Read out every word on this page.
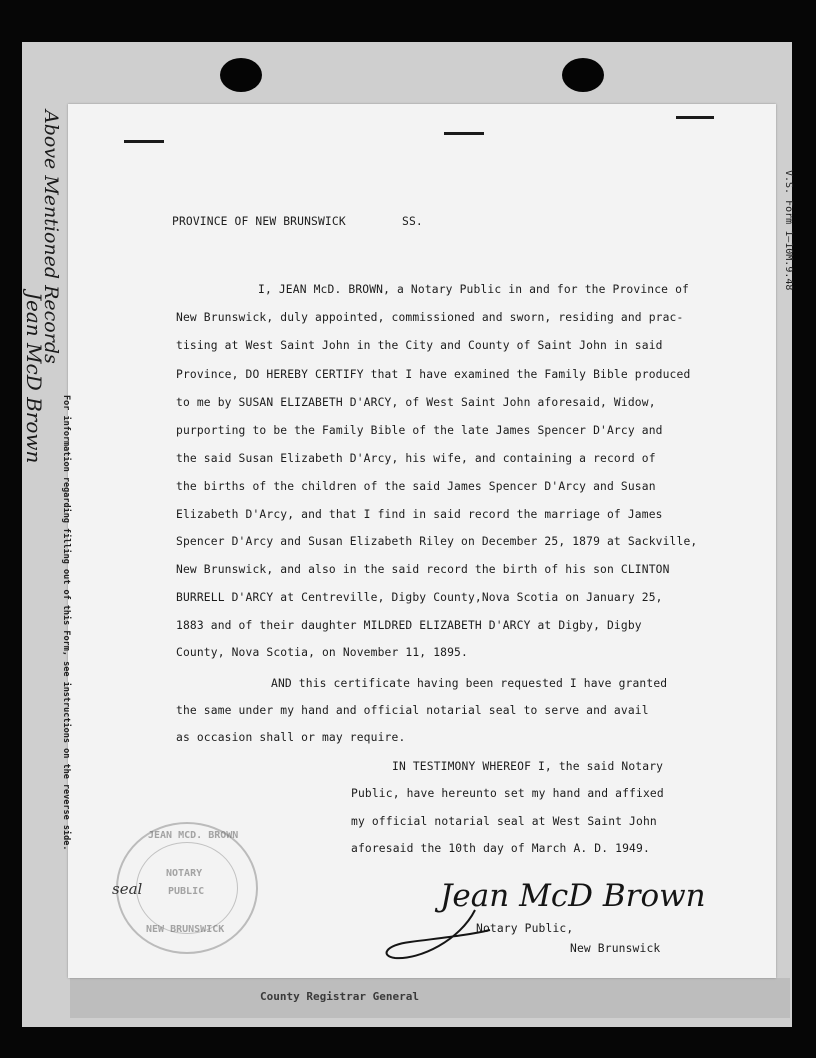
County Registrar General
Above Mentioned Records
Jean McD Brown
V.S. Form 1—10M.9.48
For information regarding filling out of this Form, see instructions on the reverse side.
PROVINCE OF NEW BRUNSWICK	SS.
I, JEAN McD. BROWN, a Notary Public in and for the Province of
New Brunswick, duly appointed, commissioned and sworn, residing and prac-
tising at West Saint John in the City and County of Saint John in said
Province, DO HEREBY CERTIFY that I have examined the Family Bible produced
to me by SUSAN ELIZABETH D'ARCY, of West Saint John aforesaid, Widow,
purporting to be the Family Bible of the late James Spencer D'Arcy and
the said Susan Elizabeth D'Arcy, his wife, and containing a record of
the births of the children of the said James Spencer D'Arcy and Susan
Elizabeth D'Arcy, and that I find in said record the marriage of James
Spencer D'Arcy and Susan Elizabeth Riley on December 25, 1879 at Sackville,
New Brunswick, and also in the said record the birth of his son CLINTON
BURRELL D'ARCY at Centreville, Digby County,Nova Scotia on January 25,
1883 and of their daughter MILDRED ELIZABETH D'ARCY at Digby, Digby
County, Nova Scotia, on November 11, 1895.
AND this certificate having been requested I have granted
the same under my hand and official notarial seal to serve and avail
as occasion shall or may require.
IN TESTIMONY WHEREOF I, the said Notary
Public, have hereunto set my hand and affixed
my official notarial seal at West Saint John
aforesaid the 10th day of March A. D. 1949.
Notary Public,
New Brunswick
JEAN MCD. BROWN
NOTARY
PUBLIC
NEW BRUNSWICK
seal	Jean McD Brown
